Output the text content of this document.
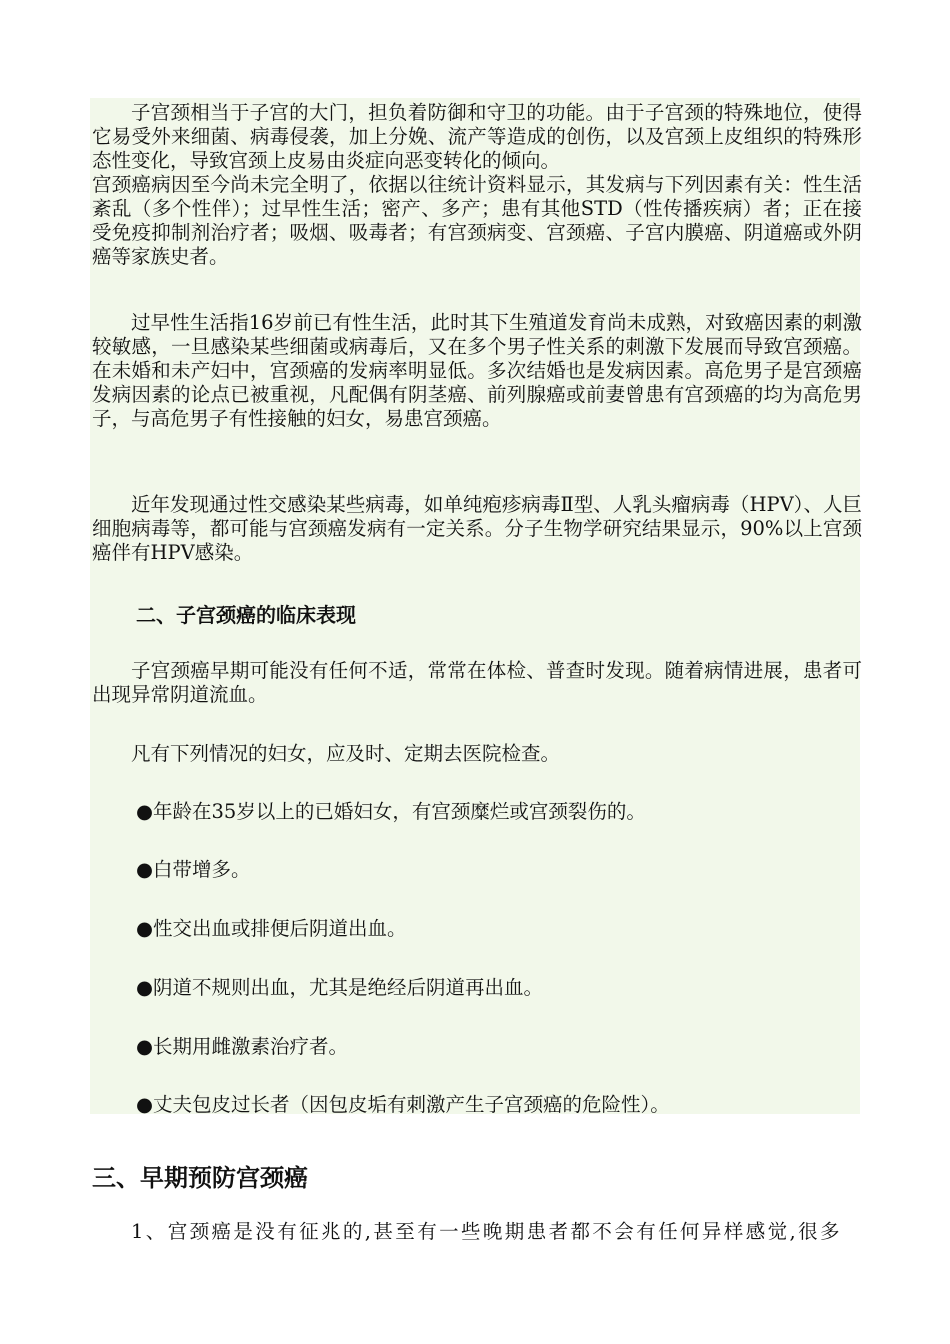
子宫颈相当于子宫的大门，担负着防御和守卫的功能。由于子宫颈的特殊地位，使得它易受外来细菌、病毒侵袭，加上分娩、流产等造成的创伤，以及宫颈上皮组织的特殊形态性变化，导致宫颈上皮易由炎症向恶变转化的倾向。

宫颈癌病因至今尚未完全明了，依据以往统计资料显示，其发病与下列因素有关：性生活紊乱（多个性伴）；过早性生活；密产、多产；患有其他STD（性传播疾病）者；正在接受免疫抑制剂治疗者；吸烟、吸毒者；有宫颈病变、宫颈癌、子宫内膜癌、阴道癌或外阴癌等家族史者。

过早性生活指16岁前已有性生活，此时其下生殖道发育尚未成熟，对致癌因素的刺激较敏感，一旦感染某些细菌或病毒后，又在多个男子性关系的刺激下发展而导致宫颈癌。在未婚和未产妇中，宫颈癌的发病率明显低。多次结婚也是发病因素。高危男子是宫颈癌发病因素的论点已被重视，凡配偶有阴茎癌、前列腺癌或前妻曾患有宫颈癌的均为高危男子，与高危男子有性接触的妇女，易患宫颈癌。

近年发现通过性交感染某些病毒，如单纯疱疹病毒Ⅱ型、人乳头瘤病毒（HPV）、人巨细胞病毒等，都可能与宫颈癌发病有一定关系。分子生物学研究结果显示，90%以上宫颈癌伴有HPV感染。

二、子宫颈癌的临床表现

子宫颈癌早期可能没有任何不适，常常在体检、普查时发现。随着病情进展，患者可出现异常阴道流血。

凡有下列情况的妇女，应及时、定期去医院检查。

●年龄在35岁以上的已婚妇女，有宫颈糜烂或宫颈裂伤的。

●白带增多。

●性交出血或排便后阴道出血。

●阴道不规则出血，尤其是绝经后阴道再出血。

●长期用雌激素治疗者。

●丈夫包皮过长者（因包皮垢有刺激产生子宫颈癌的危险性）。

三、早期预防宫颈癌

1、宫颈癌是没有征兆的,甚至有一些晚期患者都不会有任何异样感觉,很多
